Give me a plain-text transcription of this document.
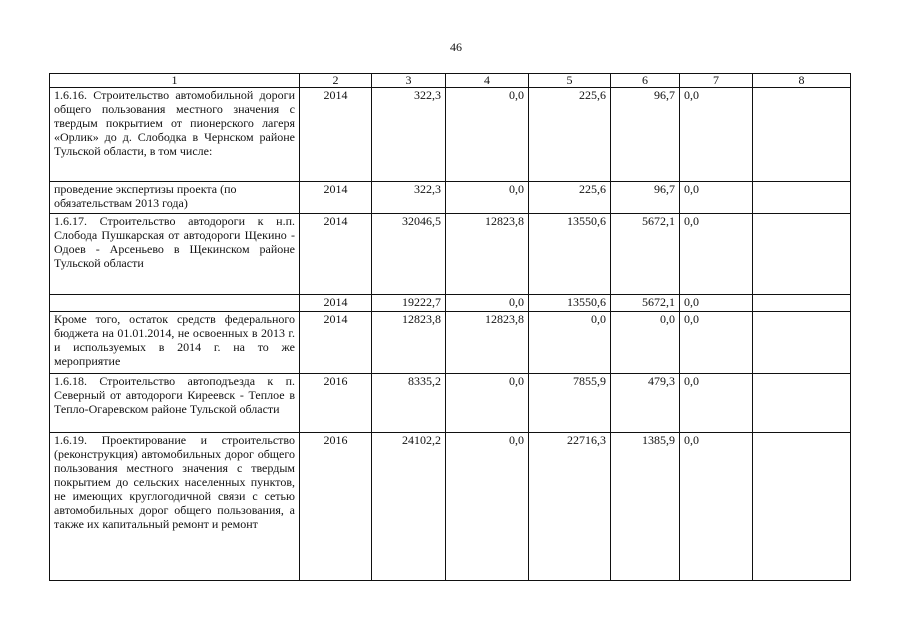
46
1	2	3	4	5	6	7	8
1.6.16. Строительство автомобильной дороги общего пользования местного значения с твердым покрытием от пионерского лагеря «Орлик» до д. Слободка в Чернском районе Тульской области, в том числе:	2014	322,3	0,0	225,6	96,7	0,0	
проведение экспертизы проекта (по обязательствам 2013 года)	2014	322,3	0,0	225,6	96,7	0,0	
1.6.17. Строительство автодороги к н.п. Слобода Пушкарская от автодороги Щекино - Одоев - Арсеньево в Щекинском районе Тульской области	2014	32046,5	12823,8	13550,6	5672,1	0,0	
	2014	19222,7	0,0	13550,6	5672,1	0,0	
Кроме того, остаток средств федерального бюджета на 01.01.2014, не освоенных в 2013 г. и используемых в 2014 г. на то же мероприятие	2014	12823,8	12823,8	0,0	0,0	0,0	
1.6.18. Строительство автоподъезда к п. Северный от автодороги Киреевск - Теплое в Тепло-Огаревском районе Тульской области	2016	8335,2	0,0	7855,9	479,3	0,0	
1.6.19. Проектирование и строительство (реконструкция) автомобильных дорог общего пользования местного значения с твердым покрытием до сельских населенных пунктов, не имеющих круглогодичной связи с сетью автомобильных дорог общего пользования, а также их капитальный ремонт и ремонт	2016	24102,2	0,0	22716,3	1385,9	0,0	
